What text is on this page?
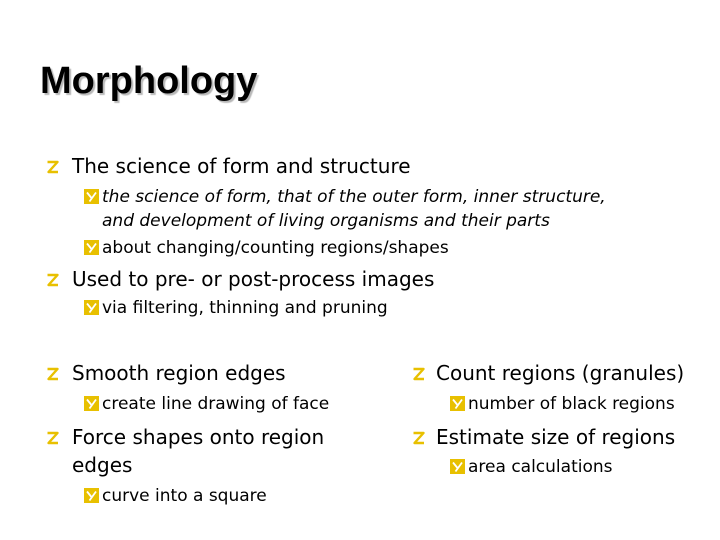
Morphology
The science of form and structure
the science of form, that of the outer form, inner structure,
and development of living organisms and their parts
about changing/counting regions/shapes
Used to pre- or post-process images
via filtering, thinning and pruning
Smooth region edges
create line drawing of face
Force shapes onto region
edges
curve into a square
Count regions (granules)
number of black regions
Estimate size of regions
area calculations
